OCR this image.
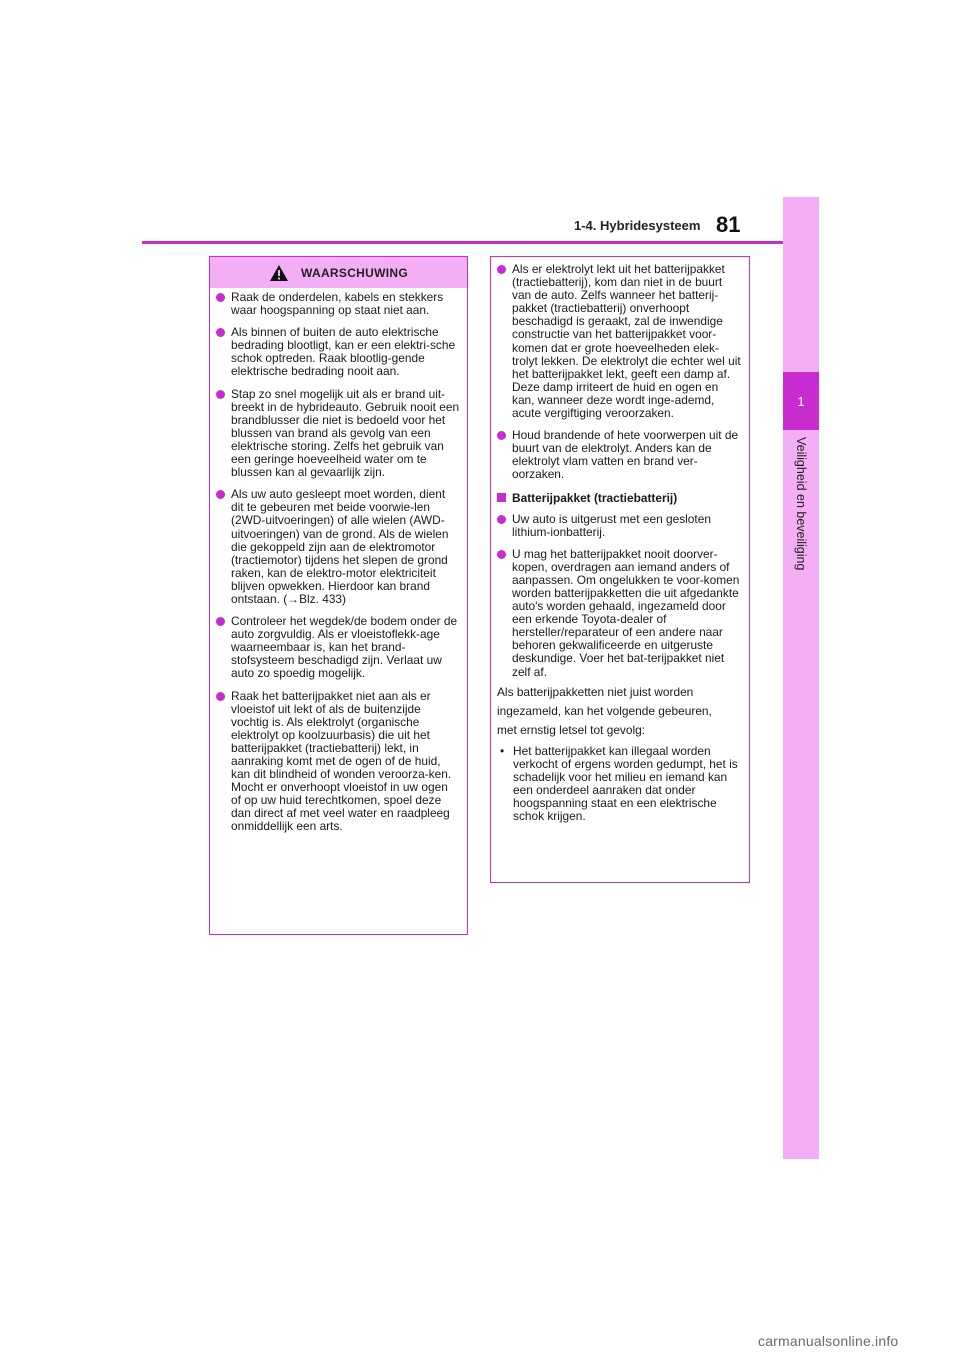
1
Veiligheid en beveiliging
1-4. Hybridesysteem 81
WAARSCHUWING
Raak de onderdelen, kabels en stekkers waar hoogspanning op staat niet aan.
Als binnen of buiten de auto elektrische bedrading blootligt, kan er een elektri-sche schok optreden. Raak blootlig-gende elektrische bedrading nooit aan.
Stap zo snel mogelijk uit als er brand uit-breekt in de hybrideauto. Gebruik nooit een brandblusser die niet is bedoeld voor het blussen van brand als gevolg van een elektrische storing. Zelfs het gebruik van een geringe hoeveelheid water om te blussen kan al gevaarlijk zijn.
Als uw auto gesleept moet worden, dient dit te gebeuren met beide voorwie-len (2WD-uitvoeringen) of alle wielen (AWD-uitvoeringen) van de grond. Als de wielen die gekoppeld zijn aan de elektromotor (tractiemotor) tijdens het slepen de grond raken, kan de elektro-motor elektriciteit blijven opwekken. Hierdoor kan brand ontstaan. (→Blz. 433)
Controleer het wegdek/de bodem onder de auto zorgvuldig. Als er vloeistoflekk-age waarneembaar is, kan het brand-stofsysteem beschadigd zijn. Verlaat uw auto zo spoedig mogelijk.
Raak het batterijpakket niet aan als er vloeistof uit lekt of als de buitenzijde vochtig is. Als elektrolyt (organische elektrolyt op koolzuurbasis) die uit het batterijpakket (tractiebatterij) lekt, in aanraking komt met de ogen of de huid, kan dit blindheid of wonden veroorza-ken. Mocht er onverhoopt vloeistof in uw ogen of op uw huid terechtkomen, spoel deze dan direct af met veel water en raadpleeg onmiddellijk een arts.
Als er elektrolyt lekt uit het batterijpakket (tractiebatterij), kom dan niet in de buurt van de auto. Zelfs wanneer het batterij-pakket (tractiebatterij) onverhoopt beschadigd is geraakt, zal de inwendige constructie van het batterijpakket voor-komen dat er grote hoeveelheden elek-trolyt lekken. De elektrolyt die echter wel uit het batterijpakket lekt, geeft een damp af. Deze damp irriteert de huid en ogen en kan, wanneer deze wordt inge-ademd, acute vergiftiging veroorzaken.
Houd brandende of hete voorwerpen uit de buurt van de elektrolyt. Anders kan de elektrolyt vlam vatten en brand ver-oorzaken.
Batterijpakket (tractiebatterij)
Uw auto is uitgerust met een gesloten lithium-ionbatterij.
U mag het batterijpakket nooit doorver-kopen, overdragen aan iemand anders of aanpassen. Om ongelukken te voor-komen worden batterijpakketten die uit afgedankte auto's worden gehaald, ingezameld door een erkende Toyota-dealer of hersteller/reparateur of een andere naar behoren gekwalificeerde en uitgeruste deskundige. Voer het bat-terijpakket niet zelf af.

Als batterijpakketten niet juist worden

ingezameld, kan het volgende gebeuren,

met ernstig letsel tot gevolg:

• Het batterijpakket kan illegaal worden verkocht of ergens worden gedumpt, het is schadelijk voor het milieu en iemand kan een onderdeel aanraken dat onder hoogspanning staat en een elektrische schok krijgen.
carmanualsonline.info
